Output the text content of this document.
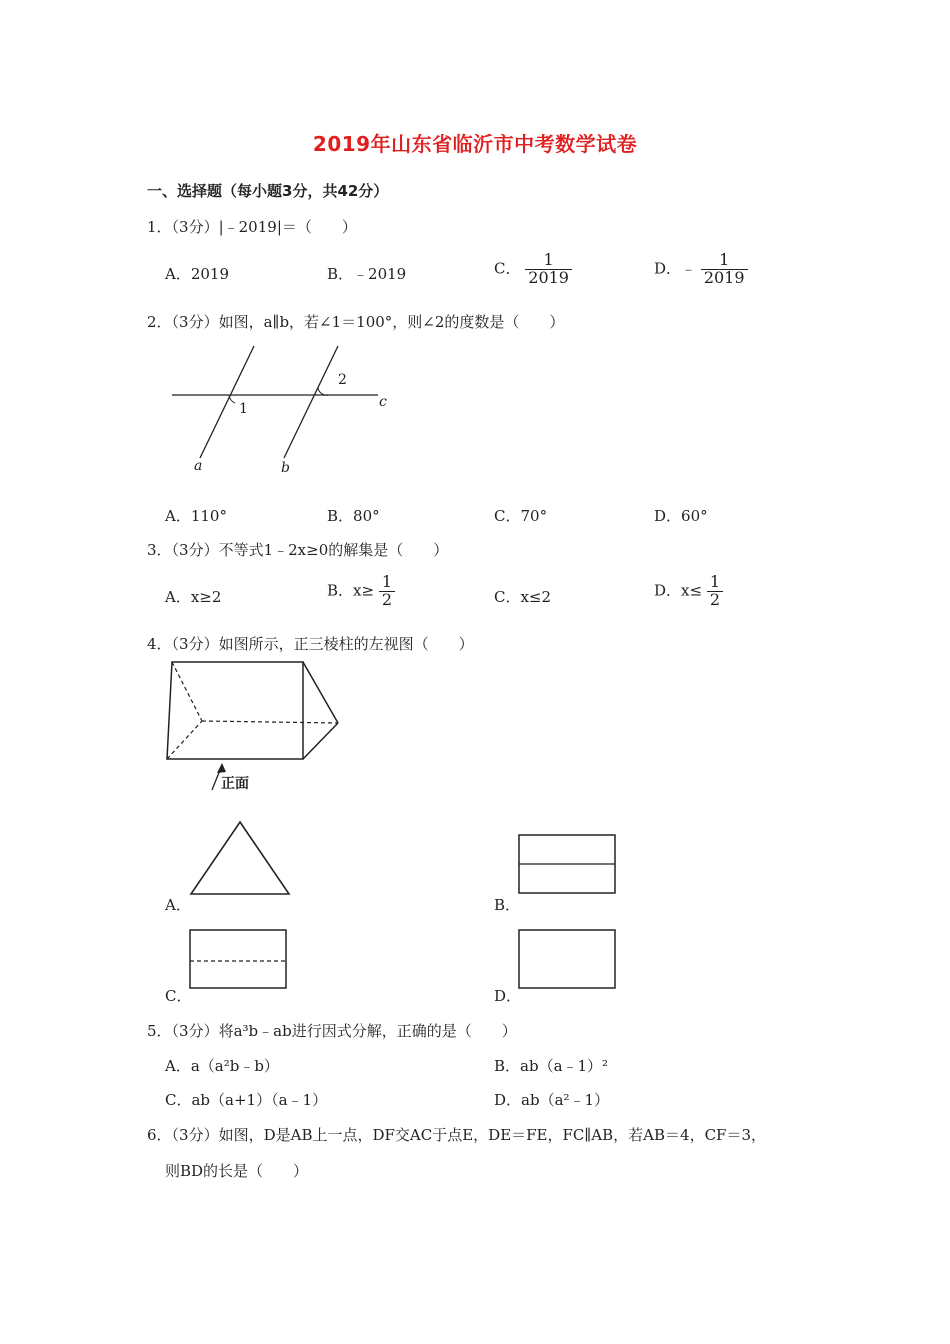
2019年山东省临沂市中考数学试卷
一、选择题（每小题3分，共42分）
1．（3分）|﹣2019|＝（　　）
A．2019	B．﹣2019	C． $\frac{1}{2019}$	D．﹣ $\frac{1}{2019}$
2．（3分）如图，a∥b，若∠1＝100°，则∠2的度数是（　　）
1
2
a	b
c
A．110°	B．80°	C．70°	D．60°
3．（3分）不等式1﹣2x≥0的解集是（　　）
A．x≥2	B．$x\ge \frac{1}{2}$	C．x≤2	D．$x\le \frac{1}{2}$
4．（3分）如图所示，正三棱柱的左视图（　　）
正面
A．	B．
C．	D．
5．（3分）将a³b﹣ab进行因式分解，正确的是（　　）
A．a（a²b﹣b）	B．ab（a﹣1）²
C．ab（a+1）（a﹣1）	D．ab（a²﹣1）
6．（3分）如图，D是AB上一点，DF交AC于点E，DE＝FE，FC∥AB，若AB＝4，CF＝3，
则BD的长是（　　）
